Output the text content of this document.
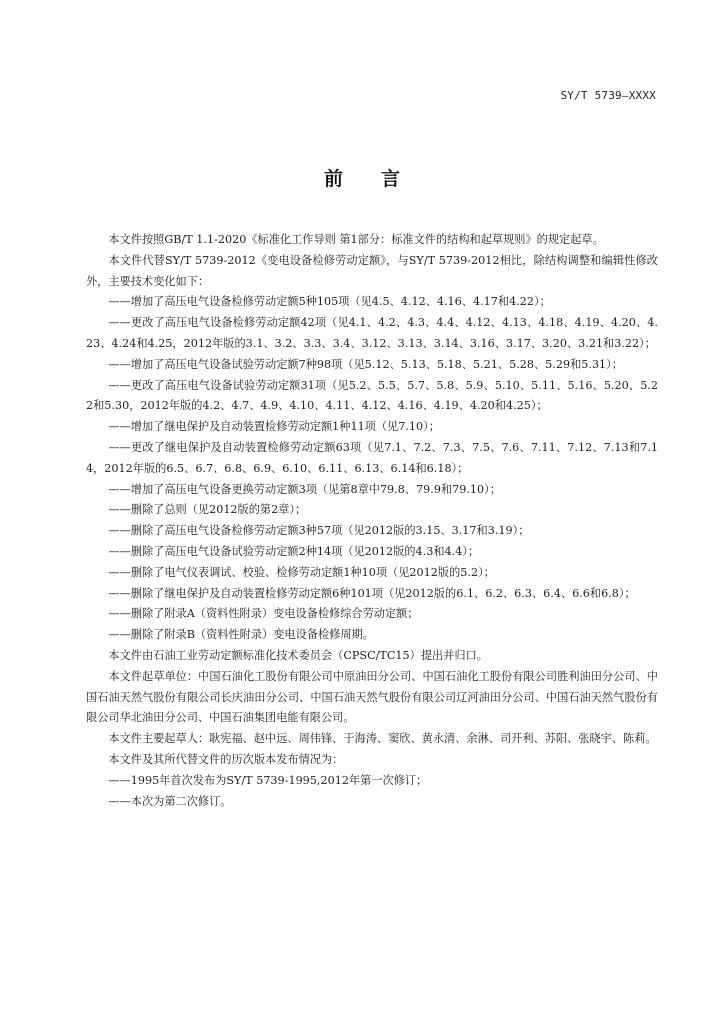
SY/T 5739—XXXX
前言

本文件按照GB/T 1.1-2020《标准化工作导则 第1部分：标准文件的结构和起草规则》的规定起草。

本文件代替SY/T 5739-2012《变电设备检修劳动定额》，与SY/T 5739-2012相比，除结构调整和编辑性修改外，主要技术变化如下：

——增加了高压电气设备检修劳动定额5种105项（见4.5、4.12、4.16、4.17和4.22）；

——更改了高压电气设备检修劳动定额42项（见4.1、4.2、4.3、4.4、4.12、4.13、4.18、4.19、4.20、4.23、4.24和4.25，2012年版的3.1、3.2、3.3、3.4、3.12、3.13、3.14、3.16、3.17、3.20、3.21和3.22）；

——增加了高压电气设备试验劳动定额7种98项（见5.12、5.13、5.18、5.21、5.28、5.29和5.31）；

——更改了高压电气设备试验劳动定额31项（见5.2、5.5、5.7、5.8、5.9、5.10、5.11、5.16、5.20、5.22和5.30，2012年版的4.2、4.7、4.9、4.10、4.11、4.12、4.16、4.19、4.20和4.25）；

——增加了继电保护及自动装置检修劳动定额1种11项（见7.10）；

——更改了继电保护及自动装置检修劳动定额63项（见7.1、7.2、7.3、7.5、7.6、7.11、7.12、7.13和7.14，2012年版的6.5、6.7、6.8、6.9、6.10、6.11、6.13、6.14和6.18）；

——增加了高压电气设备更换劳动定额3项（见第8章中79.8、79.9和79.10）；

——删除了总则（见2012版的第2章）；

——删除了高压电气设备检修劳动定额3种57项（见2012版的3.15、3.17和3.19）；

——删除了高压电气设备试验劳动定额2种14项（见2012版的4.3和4.4）；

——删除了电气仪表调试、校验、检修劳动定额1种10项（见2012版的5.2）；

——删除了继电保护及自动装置检修劳动定额6种101项（见2012版的6.1、6.2、6.3、6.4、6.6和6.8）；

——删除了附录A（资料性附录）变电设备检修综合劳动定额；

——删除了附录B（资料性附录）变电设备检修周期。

本文件由石油工业劳动定额标准化技术委员会（CPSC/TC15）提出并归口。

本文件起草单位：中国石油化工股份有限公司中原油田分公司、中国石油化工股份有限公司胜利油田分公司、中国石油天然气股份有限公司长庆油田分公司、中国石油天然气股份有限公司辽河油田分公司、中国石油天然气股份有限公司华北油田分公司、中国石油集团电能有限公司。

本文件主要起草人：耿宪福、赵中远、周伟锋、于海涛、窦欣、黄永清、余淋、司开利、苏阳、张晓宇、陈莉。

本文件及其所代替文件的历次版本发布情况为：

——1995年首次发布为SY/T 5739-1995,2012年第一次修订；

——本次为第二次修订。
